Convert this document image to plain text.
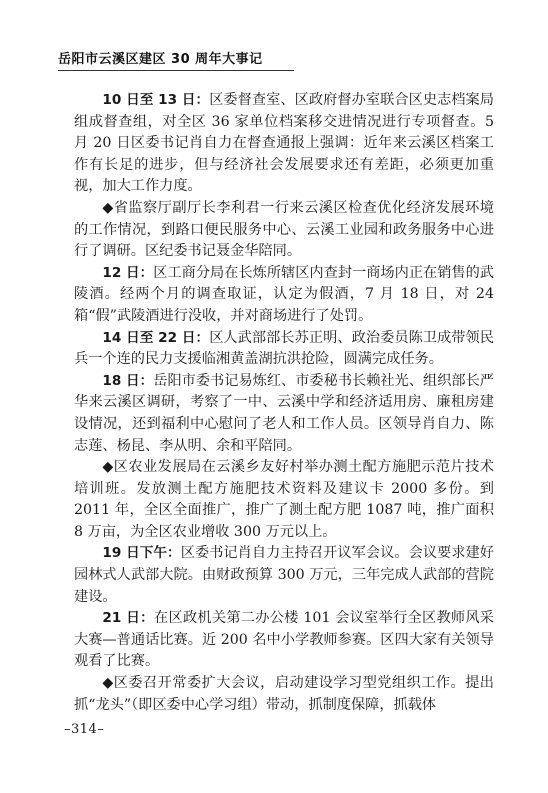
岳阳市云溪区建区 30 周年大事记

10 日至 13 日：区委督查室、区政府督办室联合区史志档案局组成督查组，对全区 36 家单位档案移交进情况进行专项督查。5 月 20 日区委书记肖自力在督查通报上强调：近年来云溪区档案工作有长足的进步，但与经济社会发展要求还有差距，必须更加重视，加大工作力度。

◆省监察厅副厅长李利君一行来云溪区检查优化经济发展环境的工作情况，到路口便民服务中心、云溪工业园和政务服务中心进行了调研。区纪委书记聂金华陪同。

12 日：区工商分局在长炼所辖区内查封一商场内正在销售的武陵酒。经两个月的调查取证，认定为假酒，7 月 18 日，对 24 箱“假”武陵酒进行没收，并对商场进行了处罚。

14 日至 22 日：区人武部部长苏正明、政治委员陈卫成带领民兵一个连的民力支援临湘黄盖湖抗洪抢险，圆满完成任务。

18 日：岳阳市委书记易炼红、市委秘书长赖社光、组织部长严华来云溪区调研，考察了一中、云溪中学和经济适用房、廉租房建设情况，还到福利中心慰问了老人和工作人员。区领导肖自力、陈志莲、杨昆、李从明、余和平陪同。

◆区农业发展局在云溪乡友好村举办测土配方施肥示范片技术培训班。发放测土配方施肥技术资料及建议卡 2000 多份。到 2011 年，全区全面推广，推广了测土配方肥 1087 吨，推广面积 8 万亩，为全区农业增收 300 万元以上。

19 日下午：区委书记肖自力主持召开议军会议。会议要求建好园林式人武部大院。由财政预算 300 万元，三年完成人武部的营院建设。

21 日：在区政机关第二办公楼 101 会议室举行全区教师风采大赛—普通话比赛。近 200 名中小学教师参赛。区四大家有关领导观看了比赛。

◆区委召开常委扩大会议，启动建设学习型党组织工作。提出抓“龙头”（即区委中心学习组）带动，抓制度保障，抓载体

–314–
